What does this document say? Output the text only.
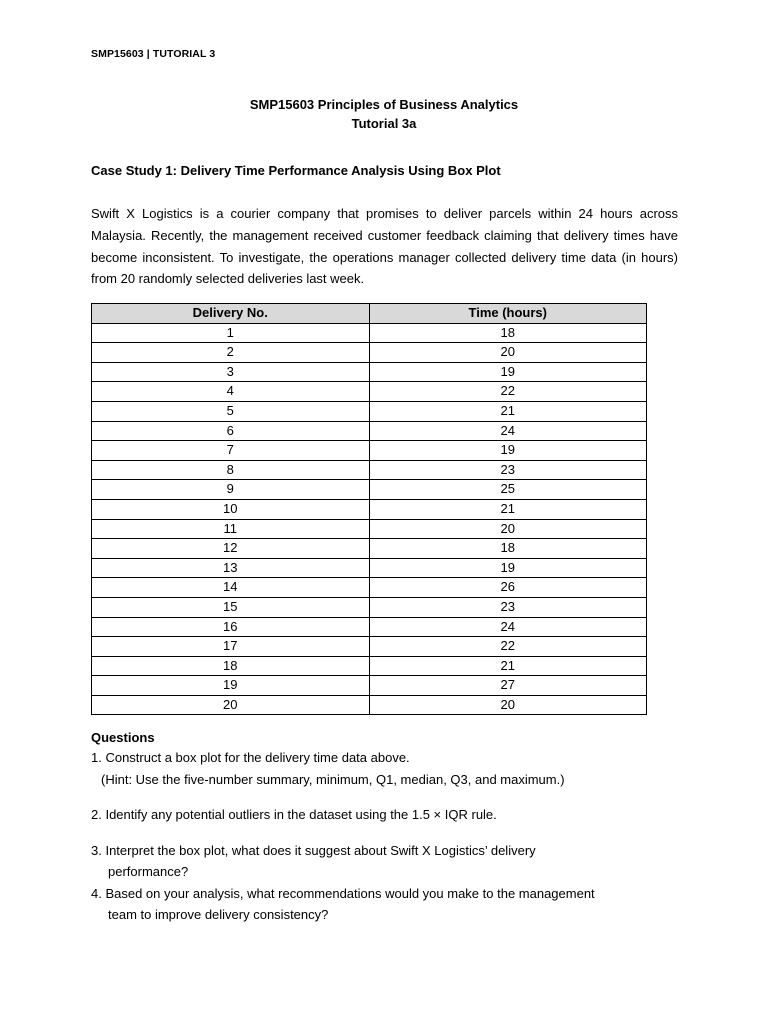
SMP15603 | TUTORIAL 3
SMP15603 Principles of Business Analytics
Tutorial 3a
Case Study 1: Delivery Time Performance Analysis Using Box Plot

Swift X Logistics is a courier company that promises to deliver parcels within 24 hours across Malaysia. Recently, the management received customer feedback claiming that delivery times have become inconsistent. To investigate, the operations manager collected delivery time data (in hours) from 20 randomly selected deliveries last week.

Delivery No.	Time (hours)
1	18
2	20
3	19
4	22
5	21
6	24
7	19
8	23
9	25
10	21
11	20
12	18
13	19
14	26
15	23
16	24
17	22
18	21
19	27
20	20
Questions
1. Construct a box plot for the delivery time data above.
(Hint: Use the five-number summary, minimum, Q1, median, Q3, and maximum.)
2. Identify any potential outliers in the dataset using the 1.5 × IQR rule.
3. Interpret the box plot, what does it suggest about Swift X Logistics’ delivery
performance?
4. Based on your analysis, what recommendations would you make to the management
team to improve delivery consistency?
